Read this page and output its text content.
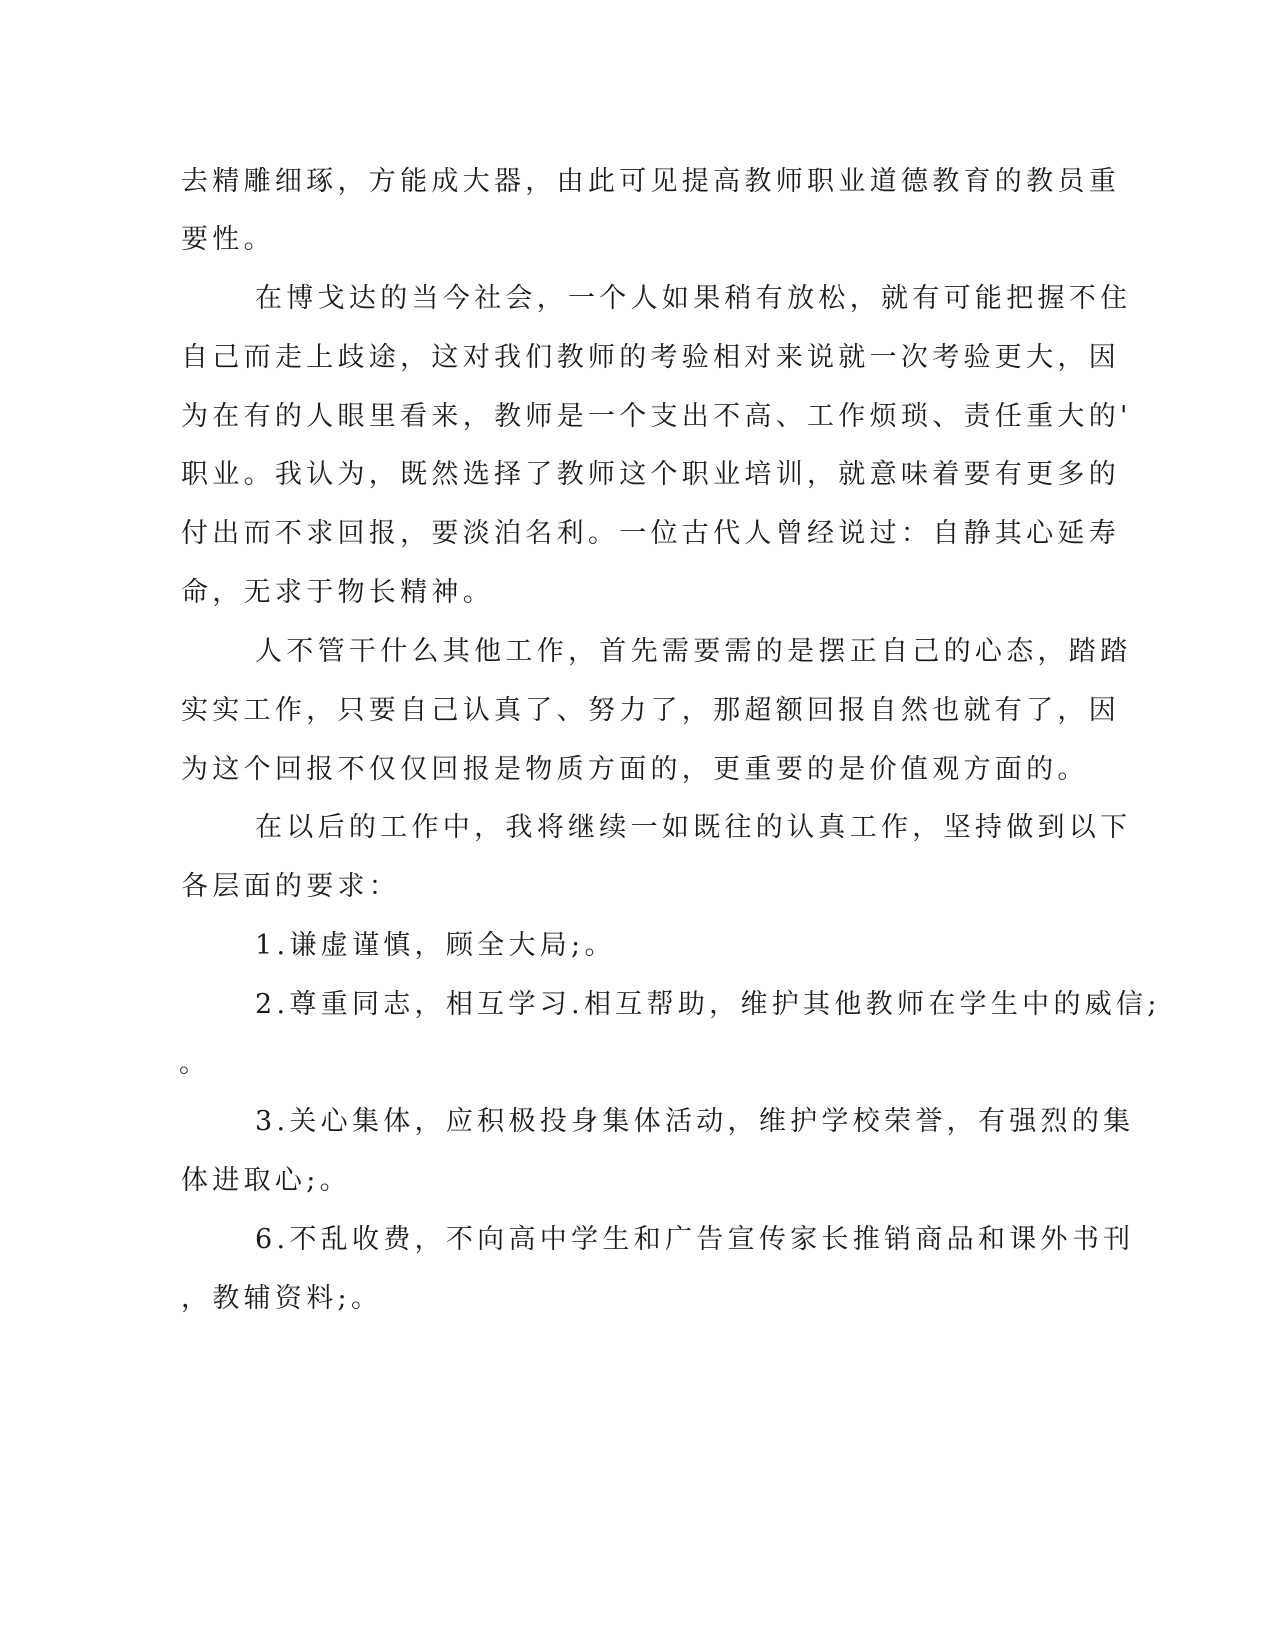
去精雕细琢，方能成大器，由此可见提高教师职业道德教育的教员重
要性。
在博戈达的当今社会，一个人如果稍有放松，就有可能把握不住
自己而走上歧途，这对我们教师的考验相对来说就一次考验更大，因
为在有的人眼里看来，教师是一个支出不高、工作烦琐、责任重大的'
职业。我认为，既然选择了教师这个职业培训，就意味着要有更多的
付出而不求回报，要淡泊名利。一位古代人曾经说过：自静其心延寿
命，无求于物长精神。
人不管干什么其他工作，首先需要需的是摆正自己的心态，踏踏
实实工作，只要自己认真了、努力了，那超额回报自然也就有了，因
为这个回报不仅仅回报是物质方面的，更重要的是价值观方面的。
在以后的工作中，我将继续一如既往的认真工作，坚持做到以下
各层面的要求：
1.谦虚谨慎，顾全大局;。
2.尊重同志，相互学习.相互帮助，维护其他教师在学生中的威信;
。
3.关心集体，应积极投身集体活动，维护学校荣誉，有强烈的集
体进取心;。
6.不乱收费，不向高中学生和广告宣传家长推销商品和课外书刊
，教辅资料;。
